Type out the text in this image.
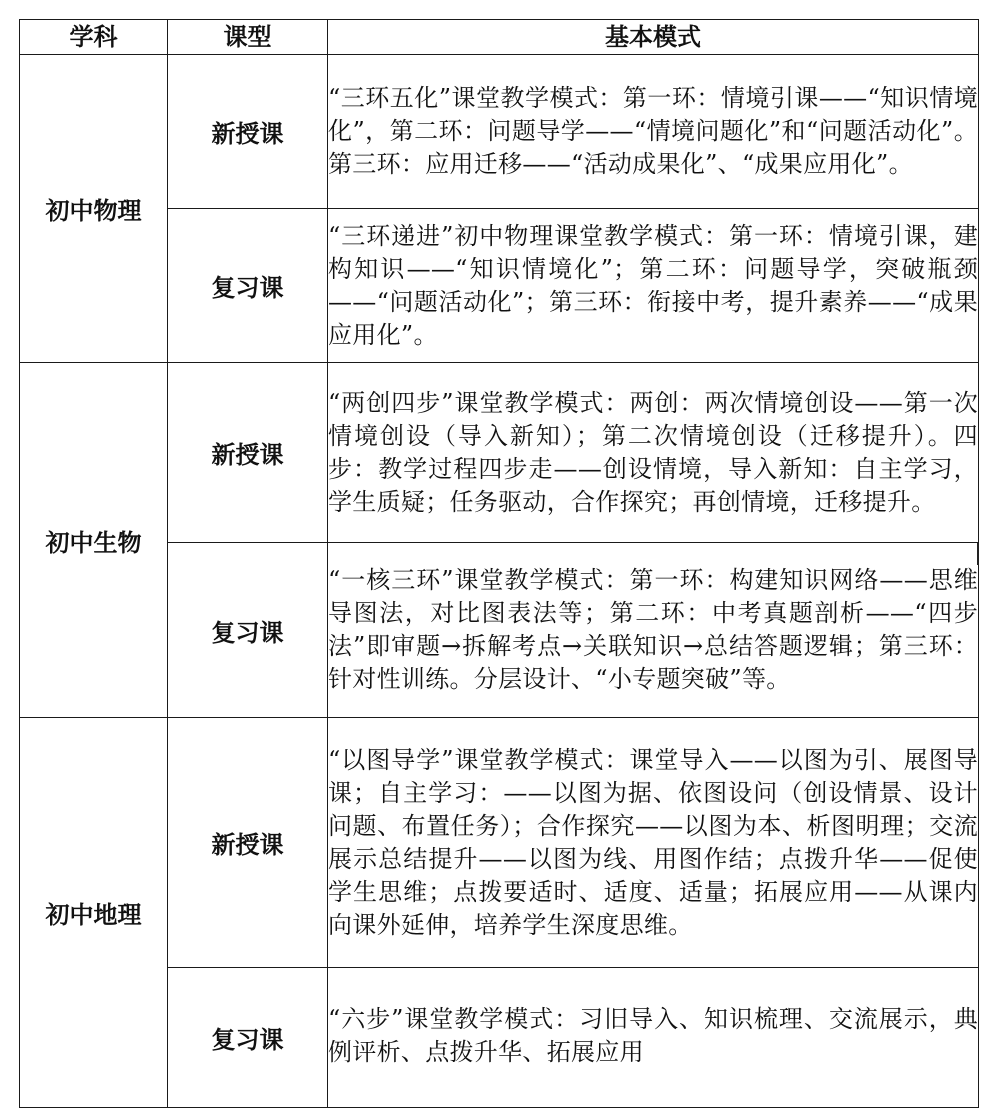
学科	课型	基本模式
初中物理	新授课	“三环五化”课堂教学模式：第一环：情境引课——“知识情境化”，第二环：问题导学——“情境问题化”和“问题活动化”。第三环：应用迁移——“活动成果化”、“成果应用化”。
	复习课	“三环递进”初中物理课堂教学模式：第一环：情境引课，建构知识——“知识情境化”；第二环：问题导学，突破瓶颈——“问题活动化”；第三环：衔接中考，提升素养——“成果应用化”。
初中生物	新授课	“两创四步”课堂教学模式：两创：两次情境创设——第一次情境创设（导入新知）；第二次情境创设（迁移提升）。四步：教学过程四步走——创设情境，导入新知：自主学习，学生质疑；任务驱动，合作探究；再创情境，迁移提升。
	复习课	“一核三环”课堂教学模式：第一环：构建知识网络——思维导图法，对比图表法等；第二环：中考真题剖析——“四步法”即审题→拆解考点→关联知识→总结答题逻辑；第三环：针对性训练。分层设计、“小专题突破”等。
初中地理	新授课	“以图导学”课堂教学模式：课堂导入——以图为引、展图导课；自主学习：——以图为据、依图设问（创设情景、设计问题、布置任务）；合作探究——以图为本、析图明理；交流展示总结提升——以图为线、用图作结；点拨升华——促使学生思维；点拨要适时、适度、适量；拓展应用——从课内向课外延伸，培养学生深度思维。
	复习课	“六步”课堂教学模式：习旧导入、知识梳理、交流展示，典例评析、点拨升华、拓展应用
